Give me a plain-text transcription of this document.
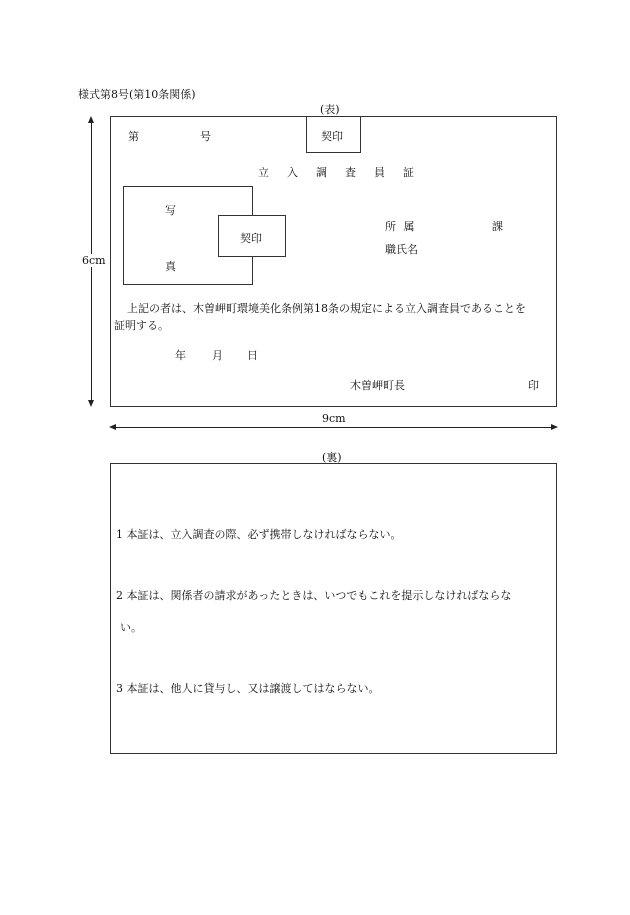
様式第8号(第10条関係)
(表)
第	号	契印
立入調査員証
写
真
契印
所 属	課
職氏名
上記の者は、木曽岬町環境美化条例第18条の規定による立入調査員であることを
証明する。
年 月 日
木曽岬町長	印
6cm
9cm
(裏)
1 本証は、立入調査の際、必ず携帯しなければならない。
2 本証は、関係者の請求があったときは、いつでもこれを提示しなければならな
い。
3 本証は、他人に貸与し、又は譲渡してはならない。
